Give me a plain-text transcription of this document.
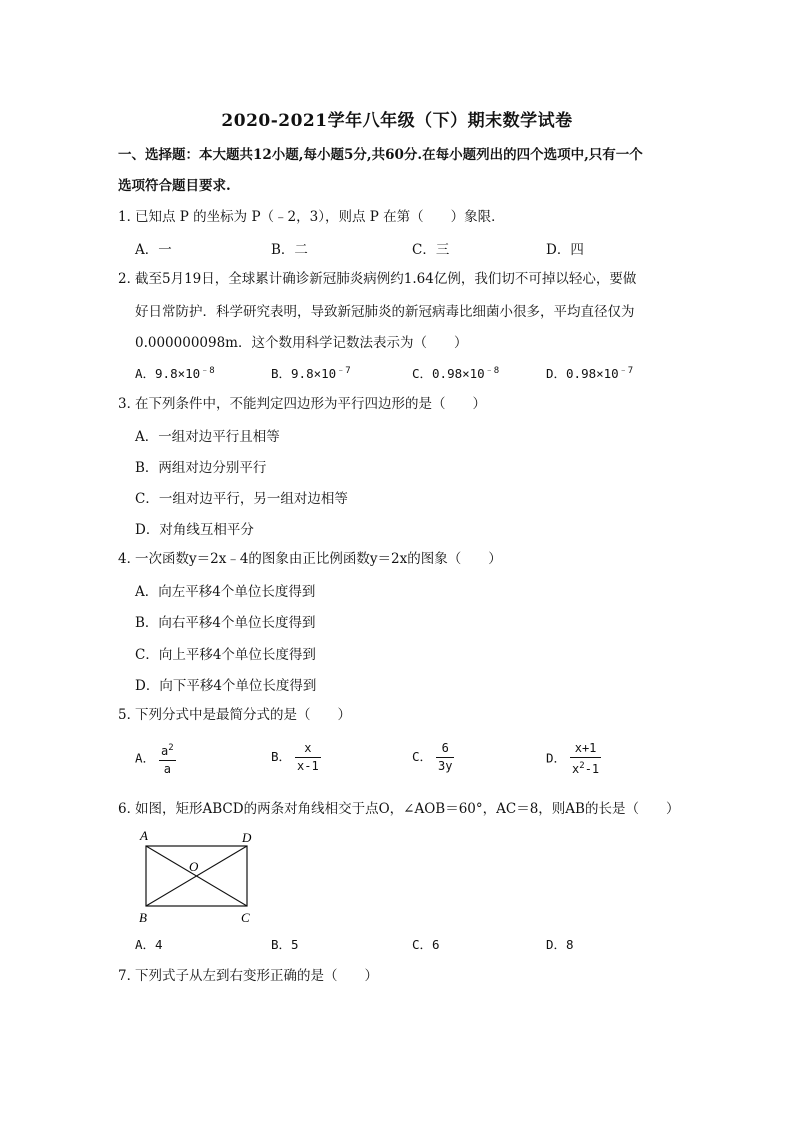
2020-2021学年八年级（下）期末数学试卷
一、选择题：本大题共12小题,每小题5分,共60分.在每小题列出的四个选项中,只有一个
选项符合题目要求.
1．
已知点 P 的坐标为 P（﹣2，3），则点 P 在第（　　）象限．
A．一	B．二	C．三	D．四
2．
截至5月19日，全球累计确诊新冠肺炎病例约1.64亿例，我们切不可掉以轻心，要做
好日常防护．科学研究表明，导致新冠肺炎的新冠病毒比细菌小很多，平均直径仅为
0.000000098m．这个数用科学记数法表示为（　　）
A．$9.8\times 10^{﹣8}$	B．$9.8\times 10^{﹣7}$	C．$0.98\times 10^{﹣8}$	D．$0.98\times 10^{﹣7}$
3．
在下列条件中，不能判定四边形为平行四边形的是（　　）
A．一组对边平行且相等
B．两组对边分别平行
C．一组对边平行，另一组对边相等
D．对角线互相平分
4．
一次函数y＝2x﹣4的图象由正比例函数y＝2x的图象（　　）
A．向左平移4个单位长度得到
B．向右平移4个单位长度得到
C．向上平移4个单位长度得到
D．向下平移4个单位长度得到
5．
下列分式中是最简分式的是（　　）
A． $\frac{a^2}{a}$	B． $\frac{x}{x-1}$	C． $\frac{6}{3y}$	D． $\frac{x+1}{x^2-1}$
6．
如图，矩形ABCD的两条对角线相交于点O，∠AOB＝60°，AC＝8，则AB的长是（　　）
A	D
O
B	C
A．4	B．5	C．6	D．8
7．
下列式子从左到右变形正确的是（　　）
